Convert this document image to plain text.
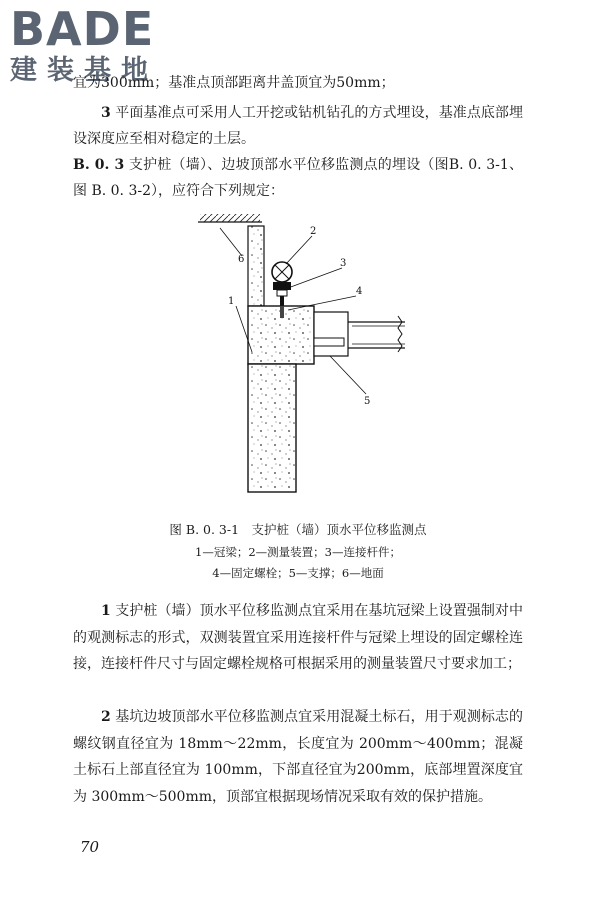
BADE
建装基地
宜为300mm；基准点顶部距离井盖顶宜为50mm；
3 平面基准点可采用人工开挖或钻机钻孔的方式埋设，基准点底部埋设深度应至相对稳定的土层。
B. 0. 3 支护桩（墙）、边坡顶部水平位移监测点的埋设（图B. 0. 3-1、图 B. 0. 3-2），应符合下列规定：
1
2
3
4
5
6
图 B. 0. 3-1　支护桩（墙）顶水平位移监测点
1—冠梁；2—测量装置；3—连接杆件；
4—固定螺栓；5—支撑；6—地面
1 支护桩（墙）顶水平位移监测点宜采用在基坑冠梁上设置强制对中的观测标志的形式，双测装置宜采用连接杆件与冠梁上埋设的固定螺栓连接，连接杆件尺寸与固定螺栓规格可根据采用的测量装置尺寸要求加工；
2 基坑边坡顶部水平位移监测点宜采用混凝土标石，用于观测标志的螺纹钢直径宜为 18mm～22mm，长度宜为 200mm～400mm；混凝土标石上部直径宜为 100mm，下部直径宜为200mm，底部埋置深度宜为 300mm～500mm，顶部宜根据现场情况采取有效的保护措施。
70
